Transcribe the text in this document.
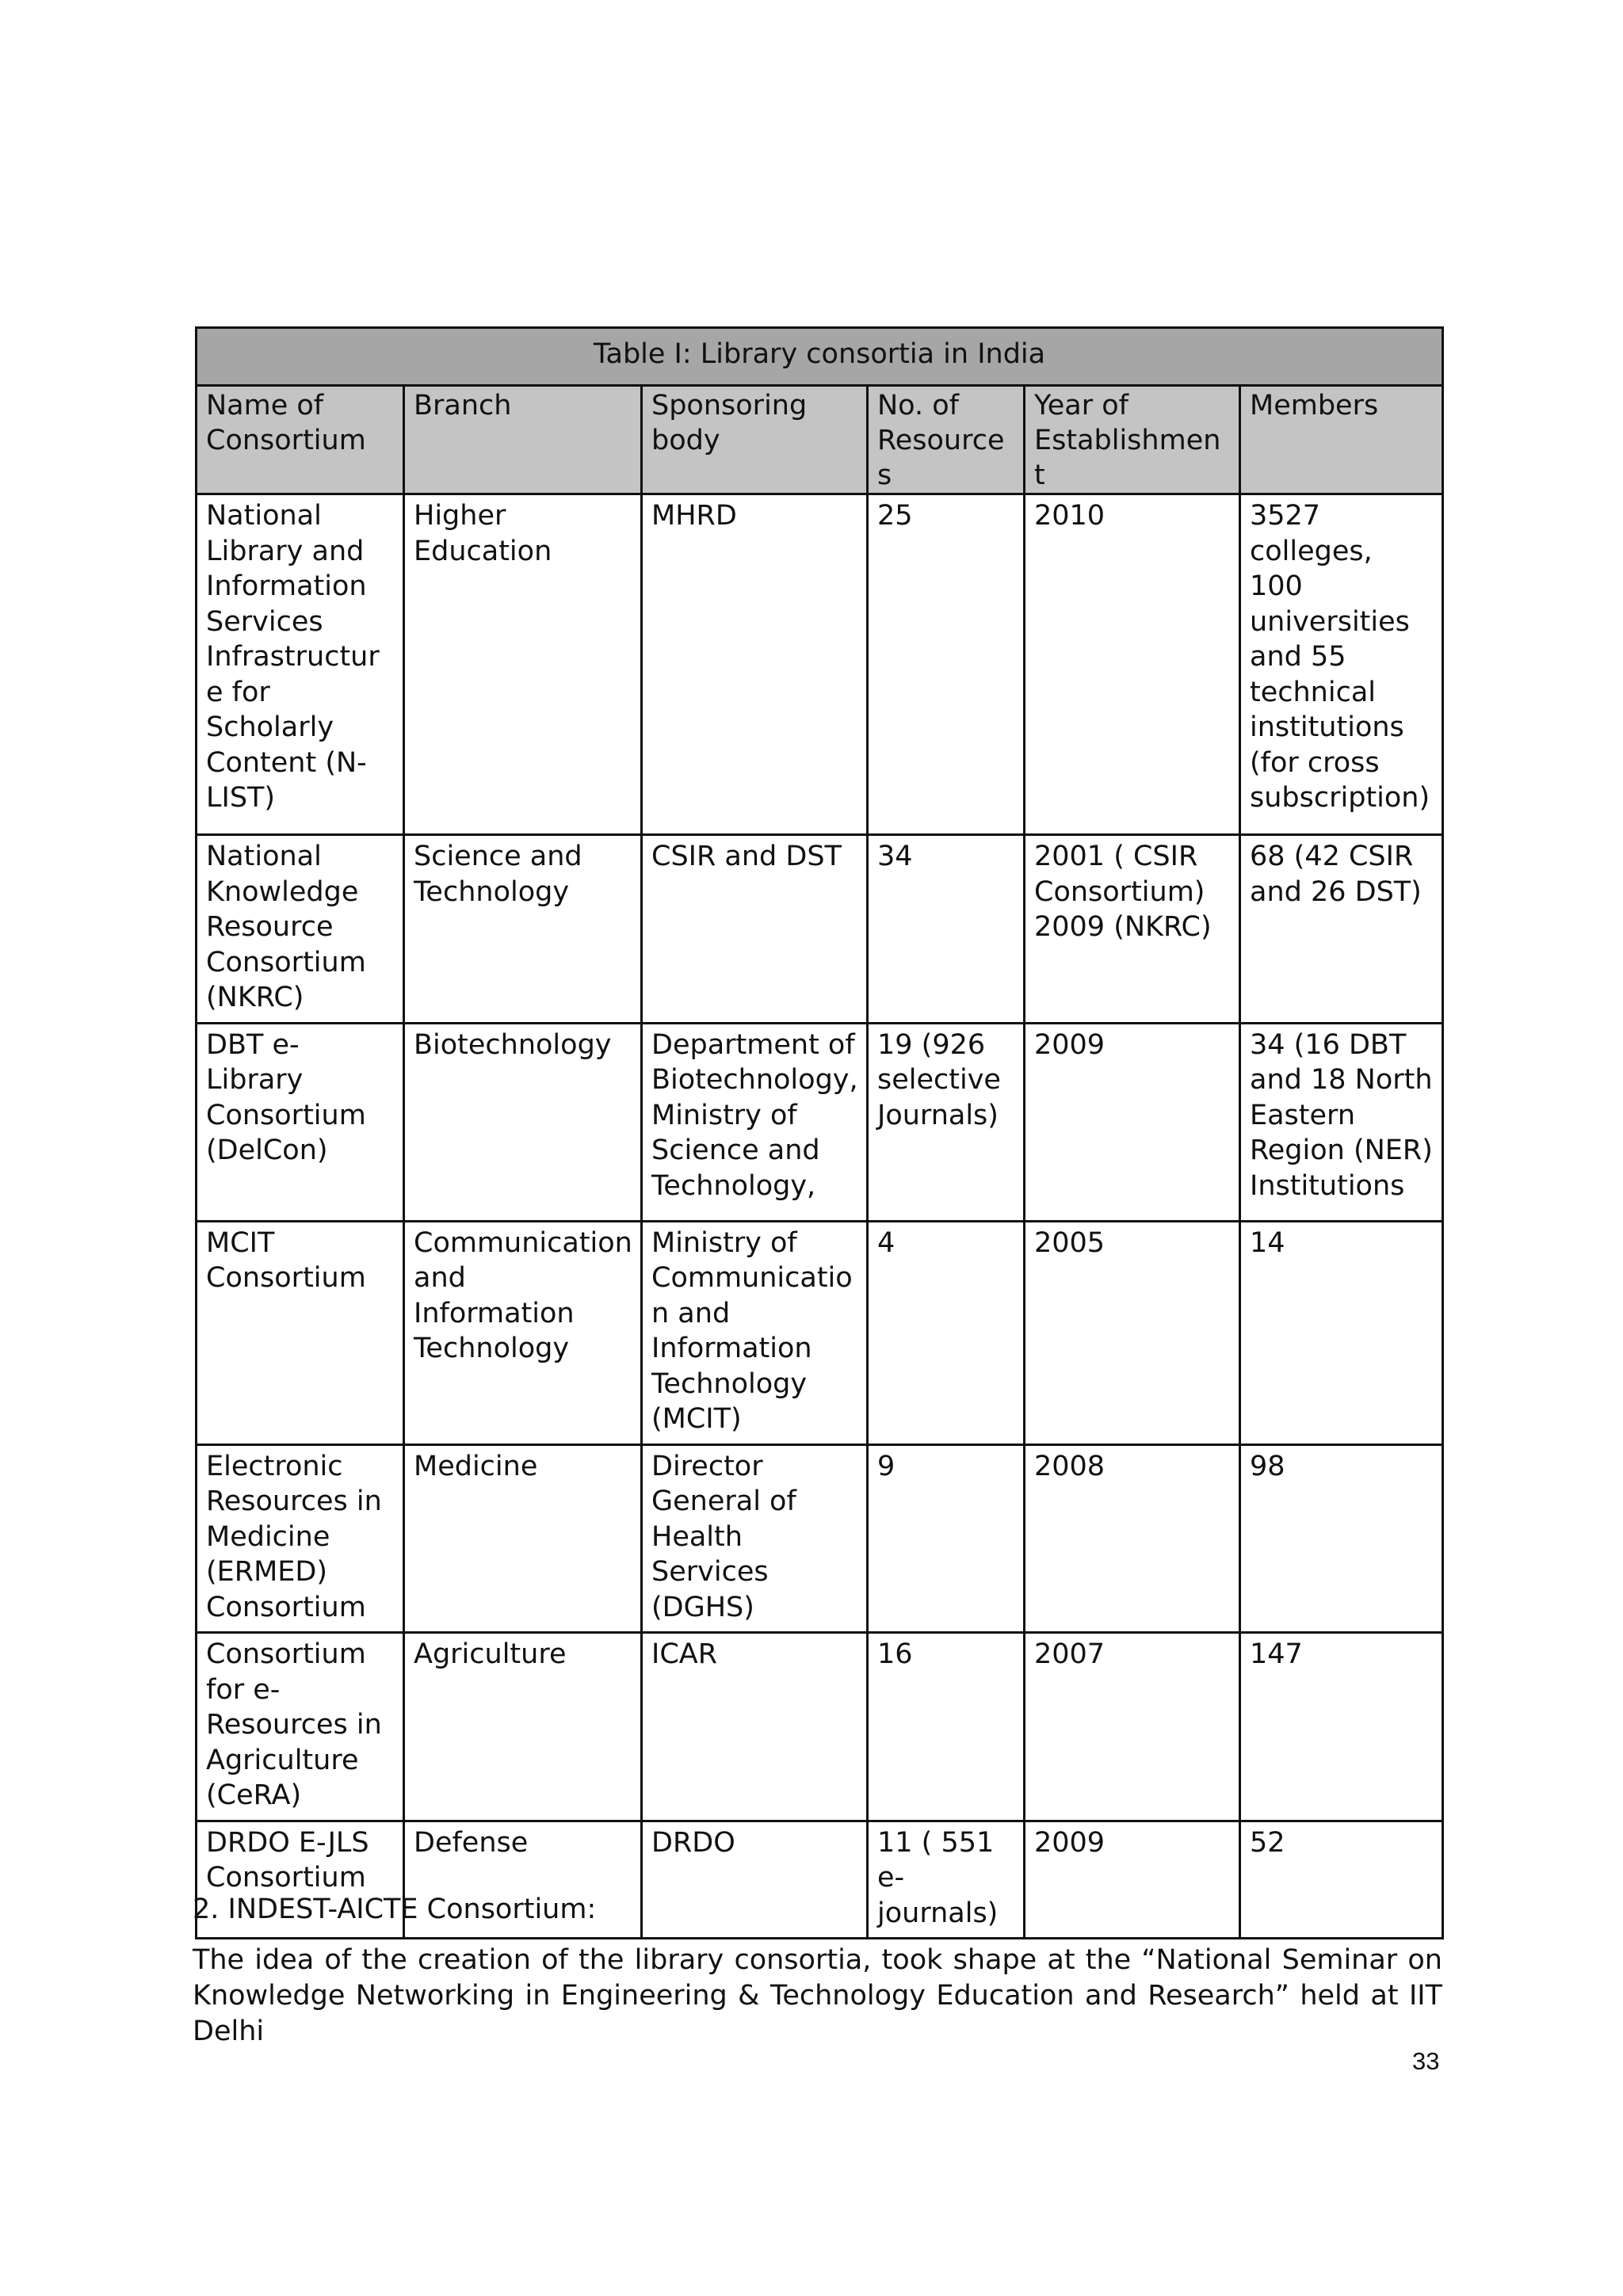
Table I: Library consortia in India					
Name of Consortium	Branch	Sponsoring body	No. of Resources	Year of Establishment	Members
National Library and Information Services Infrastructure for Scholarly Content (N-LIST)	Higher Education	MHRD	25	2010	3527 colleges, 100 universities and 55 technical institutions (for cross subscription)
National Knowledge Resource Consortium (NKRC)	Science and Technology	CSIR and DST	34	2001 ( CSIR Consortium) 2009 (NKRC)	68 (42 CSIR and 26 DST)
DBT e-Library Consortium (DelCon)	Biotechnology	Department of Biotechnology, Ministry of Science and Technology,	19 (926 selective Journals)	2009	34 (16 DBT and 18 North Eastern Region (NER) Institutions
MCIT Consortium	Communication and Information Technology	Ministry of Communication and Information Technology (MCIT)	4	2005	14
Electronic Resources in Medicine (ERMED) Consortium	Medicine	Director General of Health Services (DGHS)	9	2008	98
Consortium for e-Resources in Agriculture (CeRA)	Agriculture	ICAR	16	2007	147
DRDO E-JLS Consortium	Defense	DRDO	11 ( 551 e-journals)	2009	52
2. INDEST-AICTE Consortium:
The idea of the creation of the library consortia, took shape at the “National Seminar on Knowledge Networking in Engineering & Technology Education and Research” held at IIT Delhi
33
